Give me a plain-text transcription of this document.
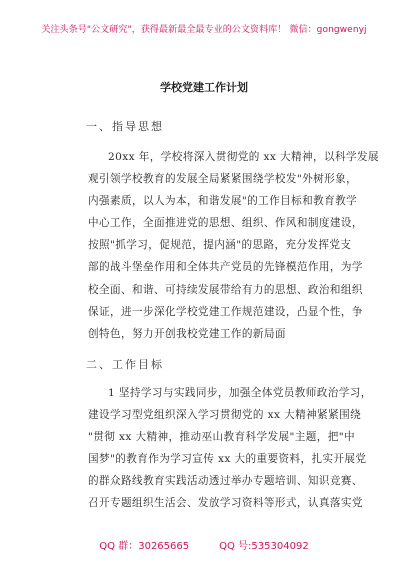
关注头条号"公文研究"，获得最新最全最专业的公文资料库！ 微信：gongwenyj
学校党建工作计划
一、指导思想
20xx 年，学校将深入贯彻党的 xx 大精神，以科学发展
观引领学校教育的发展全局紧紧围绕学校发"外树形象，
内强素质，以人为本，和谐发展"的工作目标和教育教学
中心工作，全面推进党的思想、组织、作风和制度建设，
按照"抓学习，促规范，提内涵"的思路，充分发挥党支
部的战斗堡垒作用和全体共产党员的先锋模范作用，为学
校全面、和谐、可持续发展带给有力的思想、政治和组织
保证，进一步深化学校党建工作规范建设，凸显个性，争
创特色，努力开创我校党建工作的新局面
二、工作目标
1 坚持学习与实践同步，加强全体党员教师政治学习，
建设学习型党组织深入学习贯彻党的 xx 大精神紧紧围绕
"贯彻 xx 大精神，推动巫山教育科学发展"主题，把"中
国梦"的教育作为学习宣传 xx 大的重要资料，扎实开展党
的群众路线教育实践活动透过举办专题培训、知识竞赛、
召开专题组织生活会、发放学习资料等形式，认真落实党
QQ 群：30265665	QQ 号:535304092
